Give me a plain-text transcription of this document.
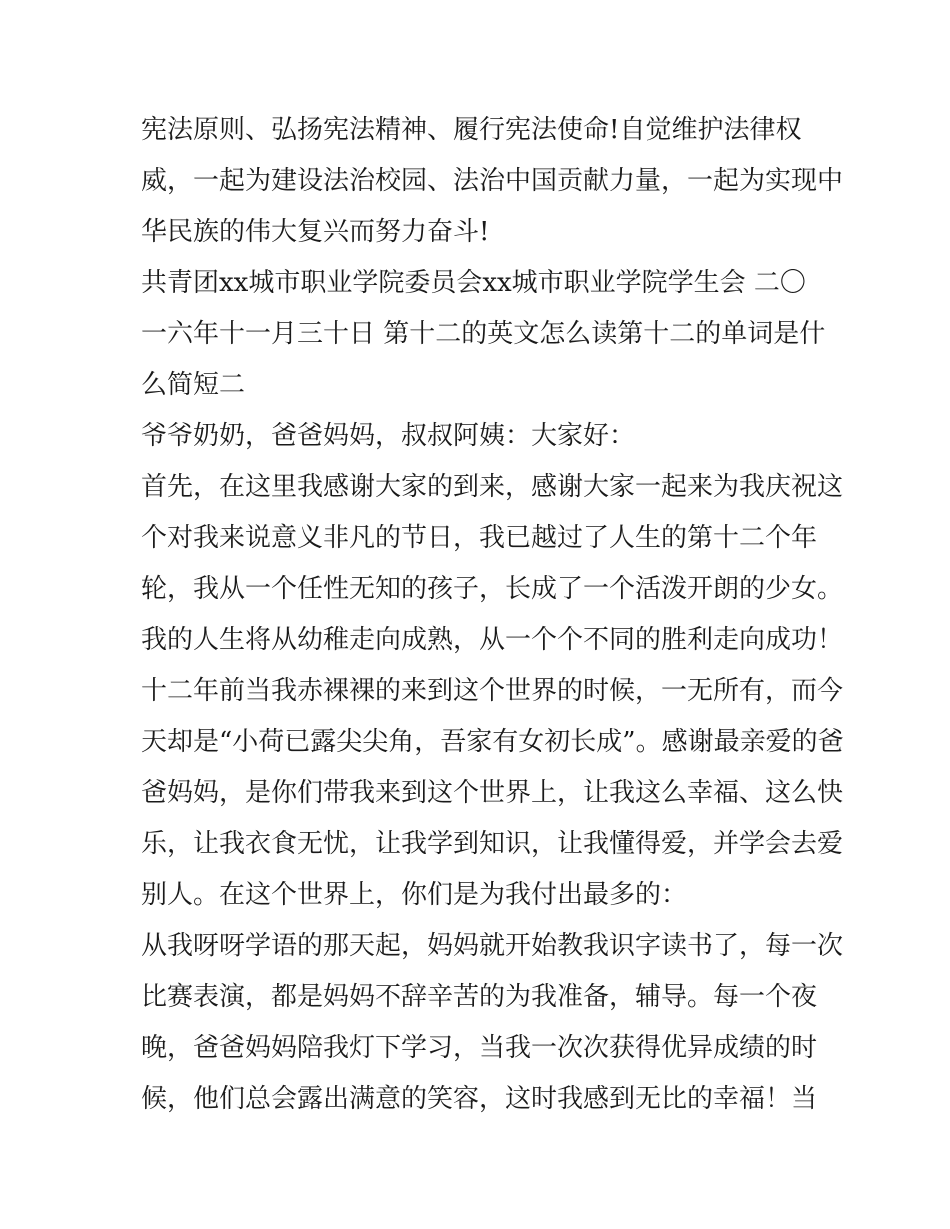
宪法原则、弘扬宪法精神、履行宪法使命!自觉维护法律权
威，一起为建设法治校园、法治中国贡献力量，一起为实现中
华民族的伟大复兴而努力奋斗!
共青团xx城市职业学院委员会xx城市职业学院学生会 二〇
一六年十一月三十日 第十二的英文怎么读第十二的单词是什
么简短二
爷爷奶奶，爸爸妈妈，叔叔阿姨：大家好：
首先，在这里我感谢大家的到来，感谢大家一起来为我庆祝这
个对我来说意义非凡的节日，我已越过了人生的第十二个年
轮，我从一个任性无知的孩子，长成了一个活泼开朗的少女。
我的人生将从幼稚走向成熟，从一个个不同的胜利走向成功！
十二年前当我赤裸裸的来到这个世界的时候，一无所有，而今
天却是“小荷已露尖尖角，吾家有女初长成”。感谢最亲爱的爸
爸妈妈，是你们带我来到这个世界上，让我这么幸福、这么快
乐，让我衣食无忧，让我学到知识，让我懂得爱，并学会去爱
别人。在这个世界上，你们是为我付出最多的：
从我呀呀学语的那天起，妈妈就开始教我识字读书了，每一次
比赛表演，都是妈妈不辞辛苦的为我准备，辅导。每一个夜
晚，爸爸妈妈陪我灯下学习，当我一次次获得优异成绩的时
候，他们总会露出满意的笑容，这时我感到无比的幸福！当
